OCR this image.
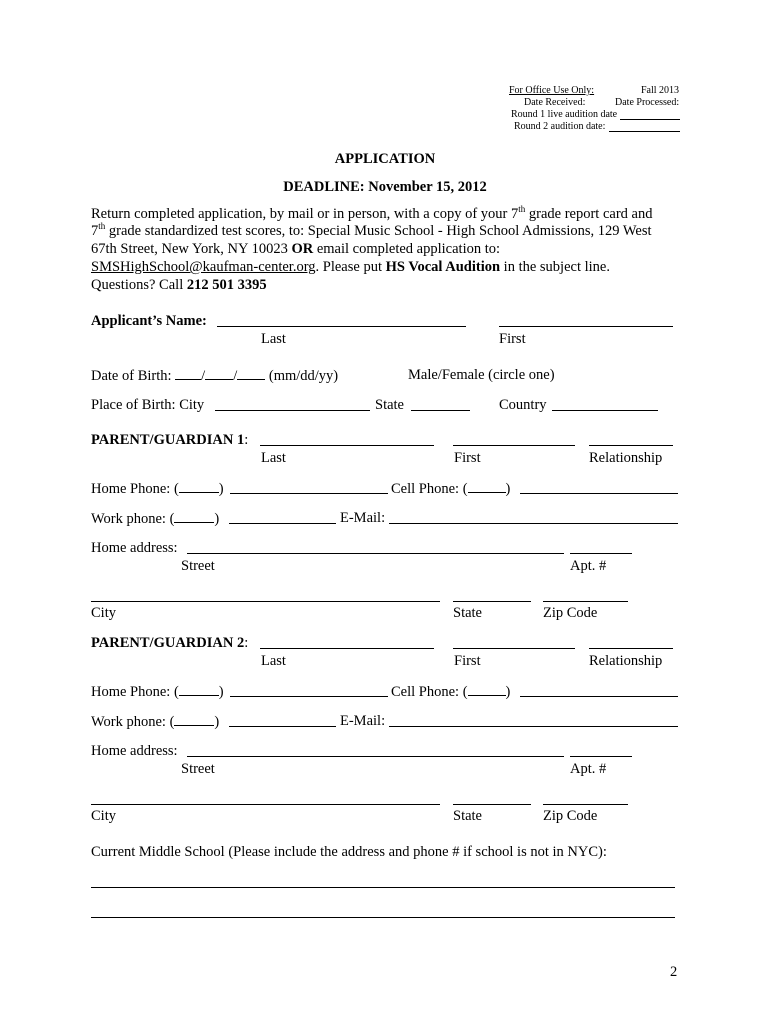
For Office Use Only:	Fall 2013
Date Received:	Date Processed:
Round 1 live audition date
Round 2 audition date:
APPLICATION
DEADLINE: November 15, 2012
Return completed application, by mail or in person, with a copy of your 7th grade report card and
7th grade standardized test scores, to: Special Music School - High School Admissions, 129 West
67th Street, New York, NY 10023 OR email completed application to:
SMSHighSchool@kaufman-center.org. Please put HS Vocal Audition in the subject line.
Questions? Call 212 501 3395
Applicant’s Name:
Last	First
Date of Birth: / / (mm/dd/yy)	Male/Female (circle one)
Place of Birth: City	State	Country
PARENT/GUARDIAN 1:
Last	First	Relationship
Home Phone: (	)	Cell Phone: (	)
Work phone: (	)	E-Mail:
Home address:
Street	Apt. #
City	State	Zip Code
PARENT/GUARDIAN 2:
Last	First	Relationship
Home Phone: (	)	Cell Phone: (	)
Work phone: (	)	E-Mail:
Home address:
Street	Apt. #
City	State	Zip Code
Current Middle School (Please include the address and phone # if school is not in NYC):
2
